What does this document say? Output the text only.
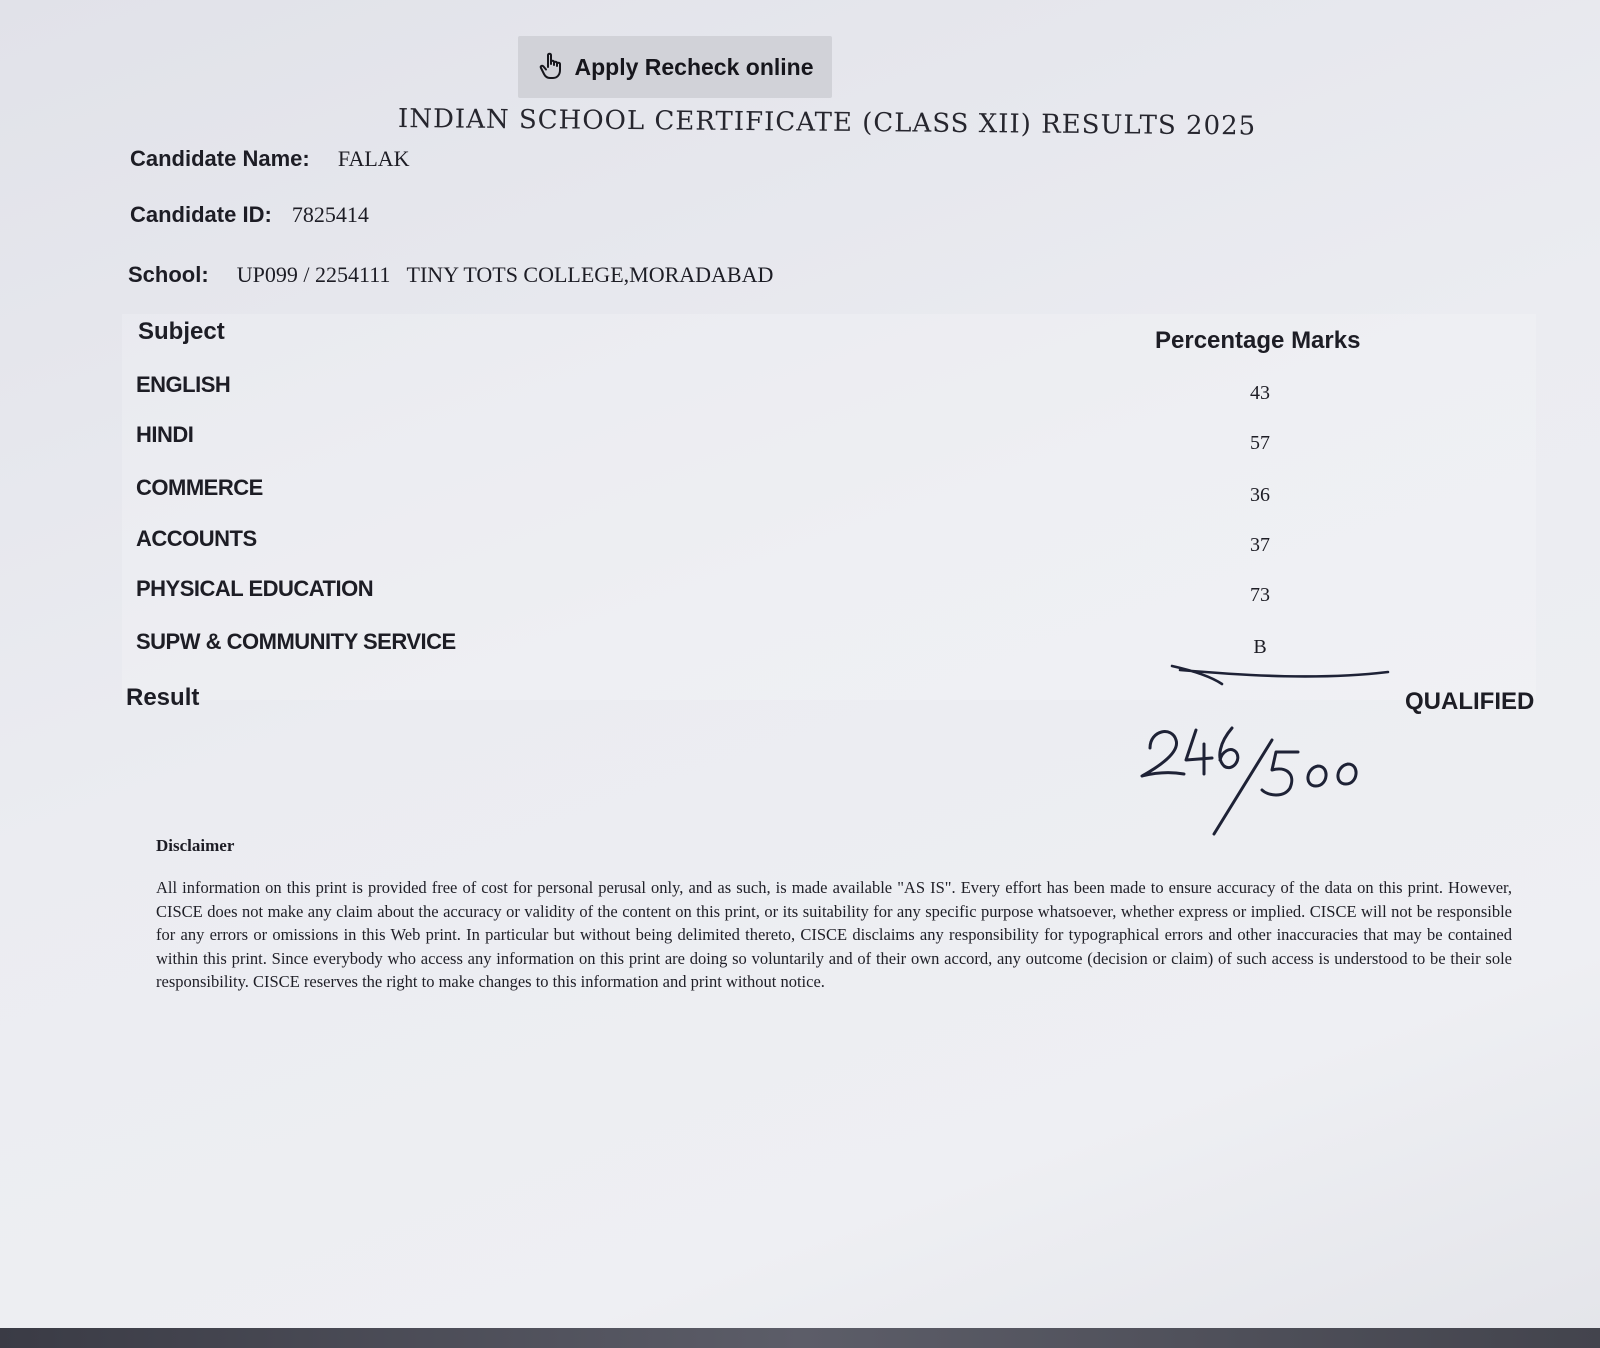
Apply Recheck online
INDIAN SCHOOL CERTIFICATE (CLASS XII) RESULTS 2025
Candidate Name: FALAK
Candidate ID: 7825414
School: UP099 / 2254111   TINY TOTS COLLEGE,MORADABAD
Subject	Percentage Marks
ENGLISH	43
HINDI	57
COMMERCE	36
ACCOUNTS	37
PHYSICAL EDUCATION	73
SUPW & COMMUNITY SERVICE	B
Result	QUALIFIED
Disclaimer
All information on this print is provided free of cost for personal perusal only, and as such, is made available "AS IS". Every effort has been made to ensure accuracy of the data on this print. However, CISCE does not make any claim about the accuracy or validity of the content on this print, or its suitability for any specific purpose whatsoever, whether express or implied. CISCE will not be responsible for any errors or omissions in this Web print. In particular but without being delimited thereto, CISCE disclaims any responsibility for typographical errors and other inaccuracies that may be contained within this print. Since everybody who access any information on this print are doing so voluntarily and of their own accord, any outcome (decision or claim) of such access is understood to be their sole responsibility. CISCE reserves the right to make changes to this information and print without notice.
